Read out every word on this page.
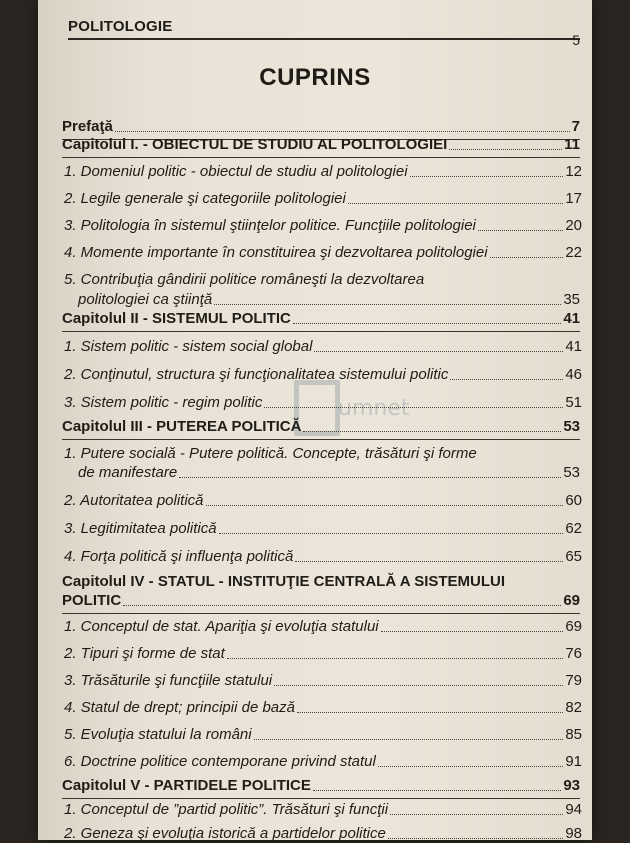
POLITOLOGIE
5
CUPRINS
umnet
Prefaţă	7
Capitolul I. - OBIECTUL DE STUDIU AL POLITOLOGIEI	11
1. Domeniul politic - obiectul de studiu al politologiei	12
2. Legile generale şi categoriile politologiei	17
3. Politologia în sistemul ştiinţelor politice. Funcţiile politologiei	20
4. Momente importante în constituirea şi dezvoltarea politologiei	22
5. Contribuţia gândirii politice româneşti la dezvoltarea
politologiei ca ştiinţă	35
Capitolul II - SISTEMUL POLITIC	41
1. Sistem politic - sistem social global	41
2. Conţinutul, structura şi funcţionalitatea sistemului politic	46
3. Sistem politic - regim politic	51
Capitolul III - PUTEREA POLITICĂ	53
1. Putere socială - Putere politică. Concepte, trăsături şi forme
de manifestare	53
2. Autoritatea politică	60
3. Legitimitatea politică	62
4. Forţa politică şi influenţa politică	65
Capitolul IV - STATUL - INSTITUŢIE CENTRALĂ A SISTEMULUI
POLITIC	69
1. Conceptul de stat. Apariţia şi evoluţia statului	69
2. Tipuri şi forme de stat	76
3. Trăsăturile şi funcţiile statului	79
4. Statul de drept; principii de bază	82
5. Evoluţia statului la români	85
6. Doctrine politice contemporane privind statul	91
Capitolul V - PARTIDELE POLITICE	93
1. Conceptul de ”partid politic”. Trăsături şi funcţii	94
2. Geneza şi evoluţia istorică a partidelor politice	98
